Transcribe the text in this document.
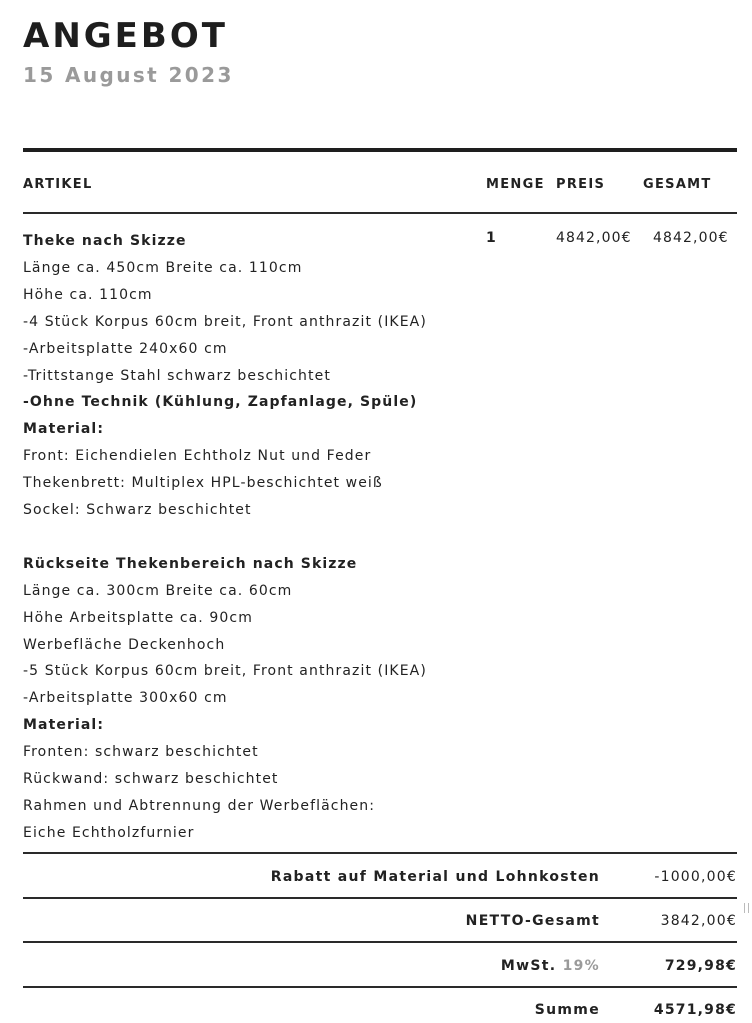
ANGEBOT
15 August 2023
ARTIKEL	MENGE PREIS	GESAMT
Theke nach Skizze
Länge ca. 450cm Breite ca. 110cm
Höhe ca. 110cm
-4 Stück Korpus 60cm breit, Front anthrazit (IKEA)
-Arbeitsplatte 240x60 cm
-Trittstange Stahl schwarz beschichtet
-Ohne Technik (Kühlung, Zapfanlage, Spüle)
Material:
Front: Eichendielen Echtholz Nut und Feder
Thekenbrett: Multiplex HPL-beschichtet weiß
Sockel: Schwarz beschichtet
Rückseite Thekenbereich nach Skizze
Länge ca. 300cm Breite ca. 60cm
Höhe Arbeitsplatte ca. 90cm
Werbefläche Deckenhoch
-5 Stück Korpus 60cm breit, Front anthrazit (IKEA)
-Arbeitsplatte 300x60 cm
Material:
Fronten: schwarz beschichtet
Rückwand: schwarz beschichtet
Rahmen und Abtrennung der Werbeflächen:
Eiche Echtholzfurnier
1	4842,00€ 4842,00€
Rabatt auf Material und Lohnkosten	-1000,00€
NETTO-Gesamt	3842,00€
MwSt. 19%	729,98€
Summe	4571,98€
